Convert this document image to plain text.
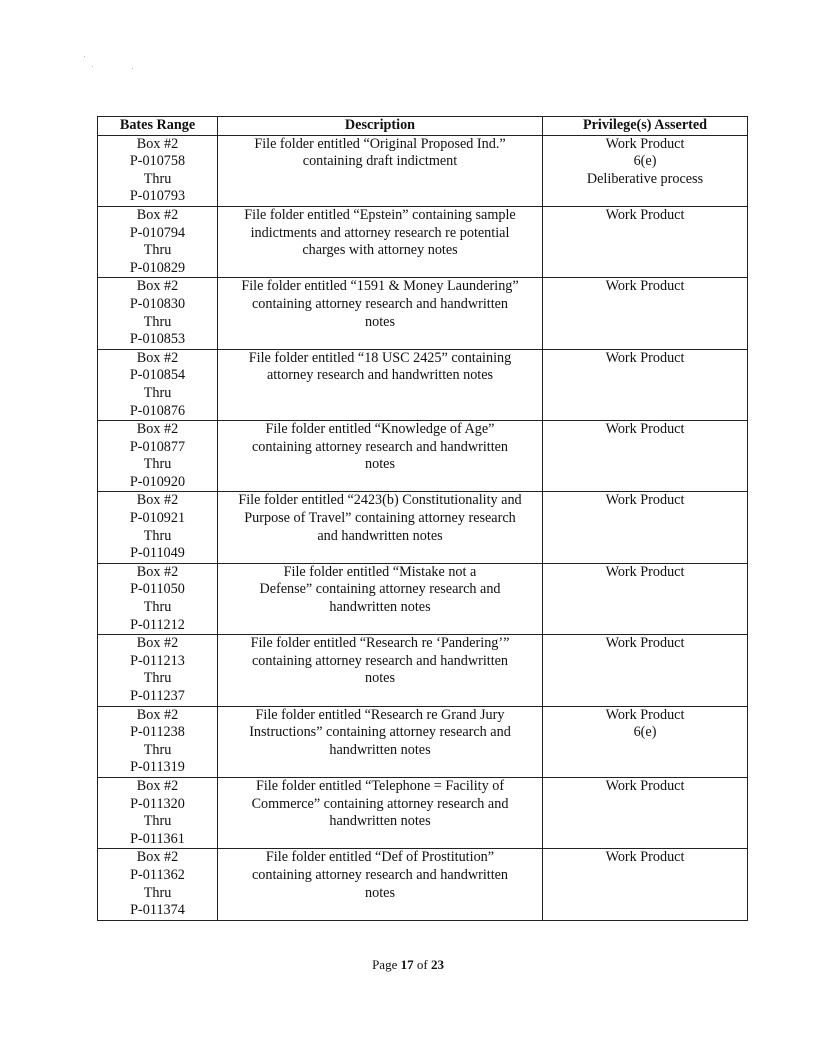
Bates Range	Description	Privilege(s) Asserted

Box #2
P-010758
Thru
P-010793	File folder entitled “Original Proposed Ind.”
containing draft indictment	Work Product
6(e)
Deliberative process

Box #2
P-010794
Thru
P-010829	File folder entitled “Epstein” containing sample
indictments and attorney research re potential
charges with attorney notes	Work Product

Box #2
P-010830
Thru
P-010853	File folder entitled “1591 & Money Laundering”
containing attorney research and handwritten
notes	Work Product

Box #2
P-010854
Thru
P-010876	File folder entitled “18 USC 2425” containing
attorney research and handwritten notes	Work Product

Box #2
P-010877
Thru
P-010920	File folder entitled “Knowledge of Age”
containing attorney research and handwritten
notes	Work Product

Box #2
P-010921
Thru
P-011049	File folder entitled “2423(b) Constitutionality and
Purpose of Travel” containing attorney research
and handwritten notes	Work Product

Box #2
P-011050
Thru
P-011212	File folder entitled “Mistake not a
Defense” containing attorney research and
handwritten notes	Work Product

Box #2
P-011213
Thru
P-011237	File folder entitled “Research re ‘Pandering’”
containing attorney research and handwritten
notes	Work Product

Box #2
P-011238
Thru
P-011319	File folder entitled “Research re Grand Jury
Instructions” containing attorney research and
handwritten notes	Work Product
6(e)

Box #2
P-011320
Thru
P-011361	File folder entitled “Telephone = Facility of
Commerce” containing attorney research and
handwritten notes	Work Product

Box #2
P-011362
Thru
P-011374	File folder entitled “Def of Prostitution”
containing attorney research and handwritten
notes	Work Product
Page 17 of 23
